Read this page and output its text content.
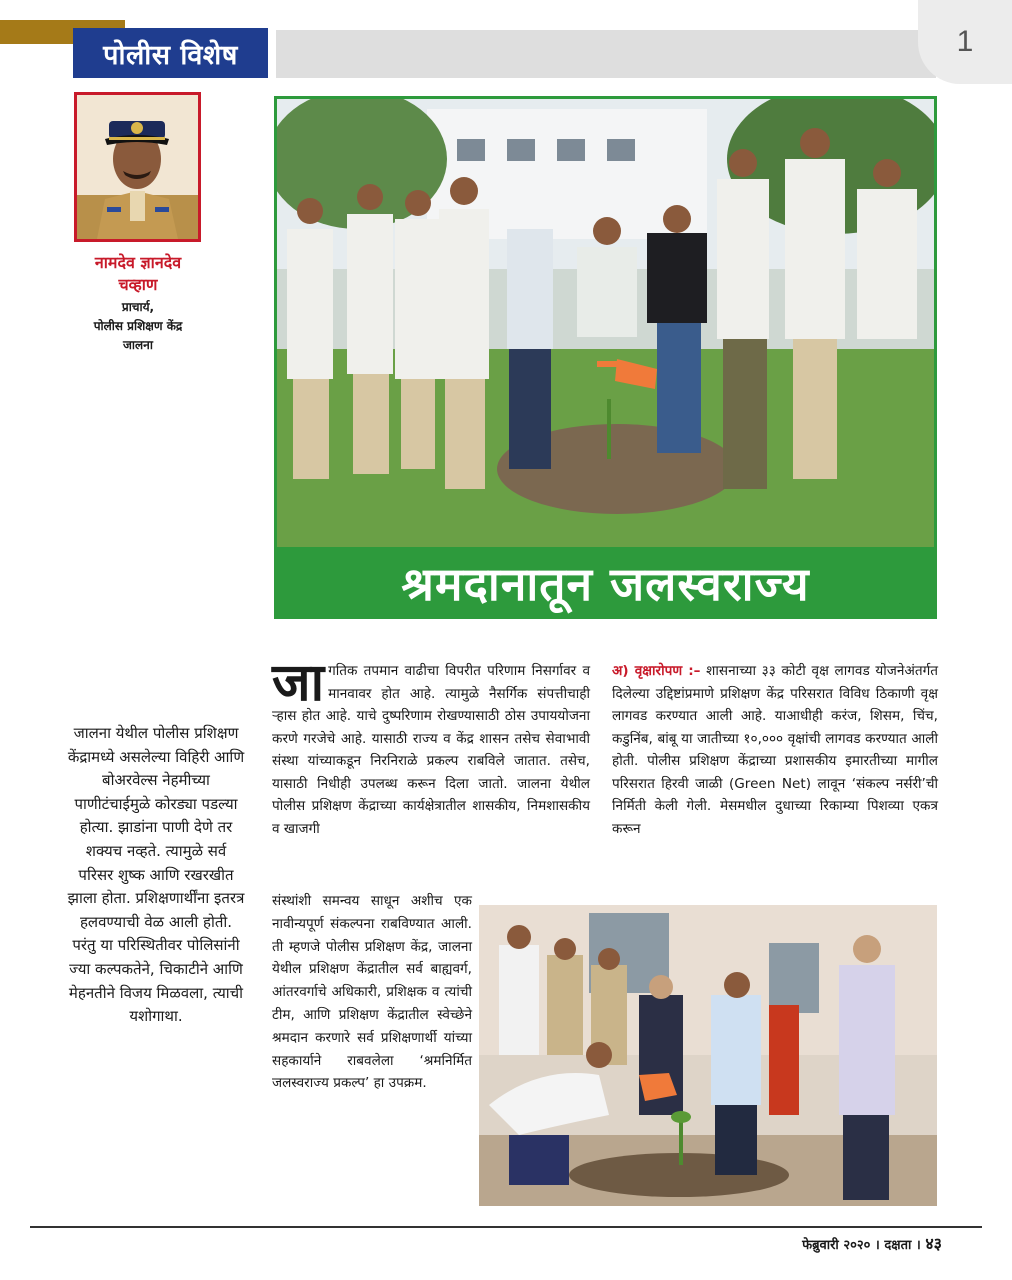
पोलीस विशेष	1
नामदेव ज्ञानदेव
चव्हाण
प्राचार्य,
पोलीस प्रशिक्षण केंद्र
जालना
श्रमदानातून जलस्वराज्य
जालना येथील पोलीस प्रशिक्षण केंद्रामध्ये असलेल्या विहिरी आणि बोअरवेल्स नेहमीच्या पाणीटंचाईमुळे कोरड्या पडल्या होत्या. झाडांना पाणी देणे तर शक्यच नव्हते. त्यामुळे सर्व परिसर शुष्क आणि रखरखीत झाला होता. प्रशिक्षणार्थींना इतरत्र हलवण्याची वेळ आली होती. परंतु या परिस्थितीवर पोलिसांनी ज्या कल्पकतेने, चिकाटीने आणि मेहनतीने विजय मिळवला, त्याची यशोगाथा.
जा गतिक तपमान वाढीचा विपरीत परिणाम निसर्गावर व मानवावर होत आहे. त्यामुळे नैसर्गिक संपत्तीचाही ऱ्हास होत आहे. याचे दुष्परिणाम रोखण्यासाठी ठोस उपाययोजना करणे गरजेचे आहे. यासाठी राज्य व केंद्र शासन तसेच सेवाभावी संस्था यांच्याकडून निरनिराळे प्रकल्प राबविले जातात. तसेच, यासाठी निधीही उपलब्ध करून दिला जातो. जालना येथील पोलीस प्रशिक्षण केंद्राच्या कार्यक्षेत्रातील शासकीय, निमशासकीय व खाजगी
संस्थांशी समन्वय साधून अशीच एक नावीन्यपूर्ण संकल्पना राबविण्यात आली. ती म्हणजे पोलीस प्रशिक्षण केंद्र, जालना येथील प्रशिक्षण केंद्रातील सर्व बाह्यवर्ग, आंतरवर्गाचे अधिकारी, प्रशिक्षक व त्यांची टीम, आणि प्रशिक्षण केंद्रातील स्वेच्छेने श्रमदान करणारे सर्व प्रशिक्षणार्थी यांच्या सहकार्याने राबवलेला ‘श्रमनिर्मित जलस्वराज्य प्रकल्प’ हा उपक्रम.
अ) वृक्षारोपण :– शासनाच्या ३३ कोटी वृक्ष लागवड योजनेअंतर्गत दिलेल्या उद्दिष्टांप्रमाणे प्रशिक्षण केंद्र परिसरात विविध ठिकाणी वृक्ष लागवड करण्यात आली आहे. याआधीही करंज, शिसम, चिंच, कडुनिंब, बांबू या जातीच्या १०,००० वृक्षांची लागवड करण्यात आली होती. पोलीस प्रशिक्षण केंद्राच्या प्रशासकीय इमारतीच्या मागील परिसरात हिरवी जाळी (Green Net) लावून ‘संकल्प नर्सरी’ची निर्मिती केली गेली. मेसमधील दुधाच्या रिकाम्या पिशव्या एकत्र करून
फेब्रुवारी २०२० । दक्षता । ४३
